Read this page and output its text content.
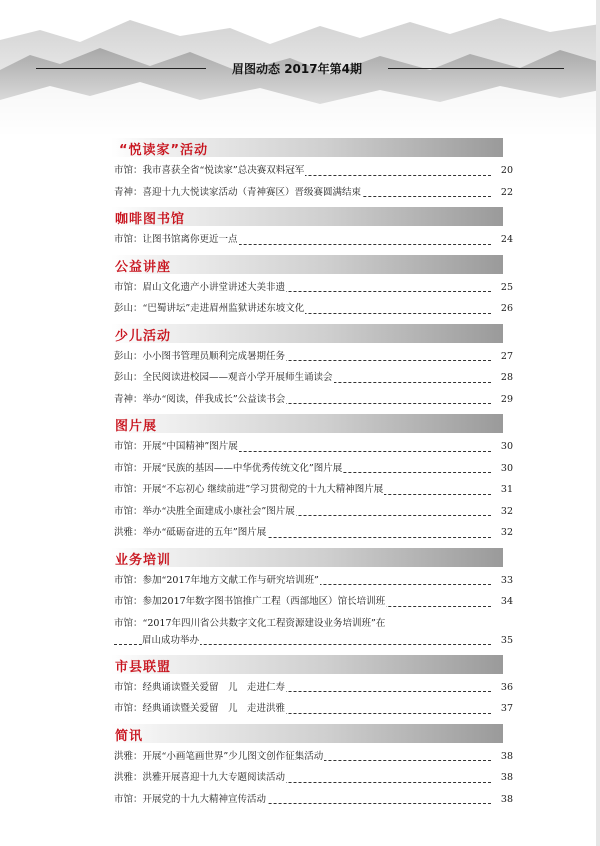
眉图动态 2017年第4期
“悦读家”活动
市馆：我市喜获全省“悦读家”总决赛双料冠军	20
青神：喜迎十九大悦读家活动（青神赛区）晋级赛圆满结束	22
咖啡图书馆
市馆：让图书馆离你更近一点	24
公益讲座
市馆：眉山文化遗产小讲堂讲述大美非遗	25
彭山：“巴蜀讲坛”走进眉州监狱讲述东坡文化	26
少儿活动
彭山：小小图书管理员顺利完成暑期任务	27
彭山：全民阅读进校园——观音小学开展师生诵读会	28
青神：举办“阅读，伴我成长”公益读书会	29
图片展
市馆：开展“中国精神”图片展	30
市馆：开展“民族的基因——中华优秀传统文化”图片展	30
市馆：开展“不忘初心 继续前进”学习贯彻党的十九大精神图片展	31
市馆：举办“决胜全面建成小康社会”图片展	32
洪雅：举办“砥砺奋进的五年”图片展	32
业务培训
市馆：参加“2017年地方文献工作与研究培训班”	33
市馆：参加2017年数字图书馆推广工程（西部地区）馆长培训班	34
市馆：“2017年四川省公共数字文化工程资源建设业务培训班”在
眉山成功举办	35
市县联盟
市馆：经典诵读暨关爱留　儿　走进仁寿	36
市馆：经典诵读暨关爱留　儿　走进洪雅	37
简讯
洪雅：开展“小画笔画世界”少儿图文创作征集活动	38
洪雅：洪雅开展喜迎十九大专题阅读活动	38
市馆：开展党的十九大精神宣传活动	38
